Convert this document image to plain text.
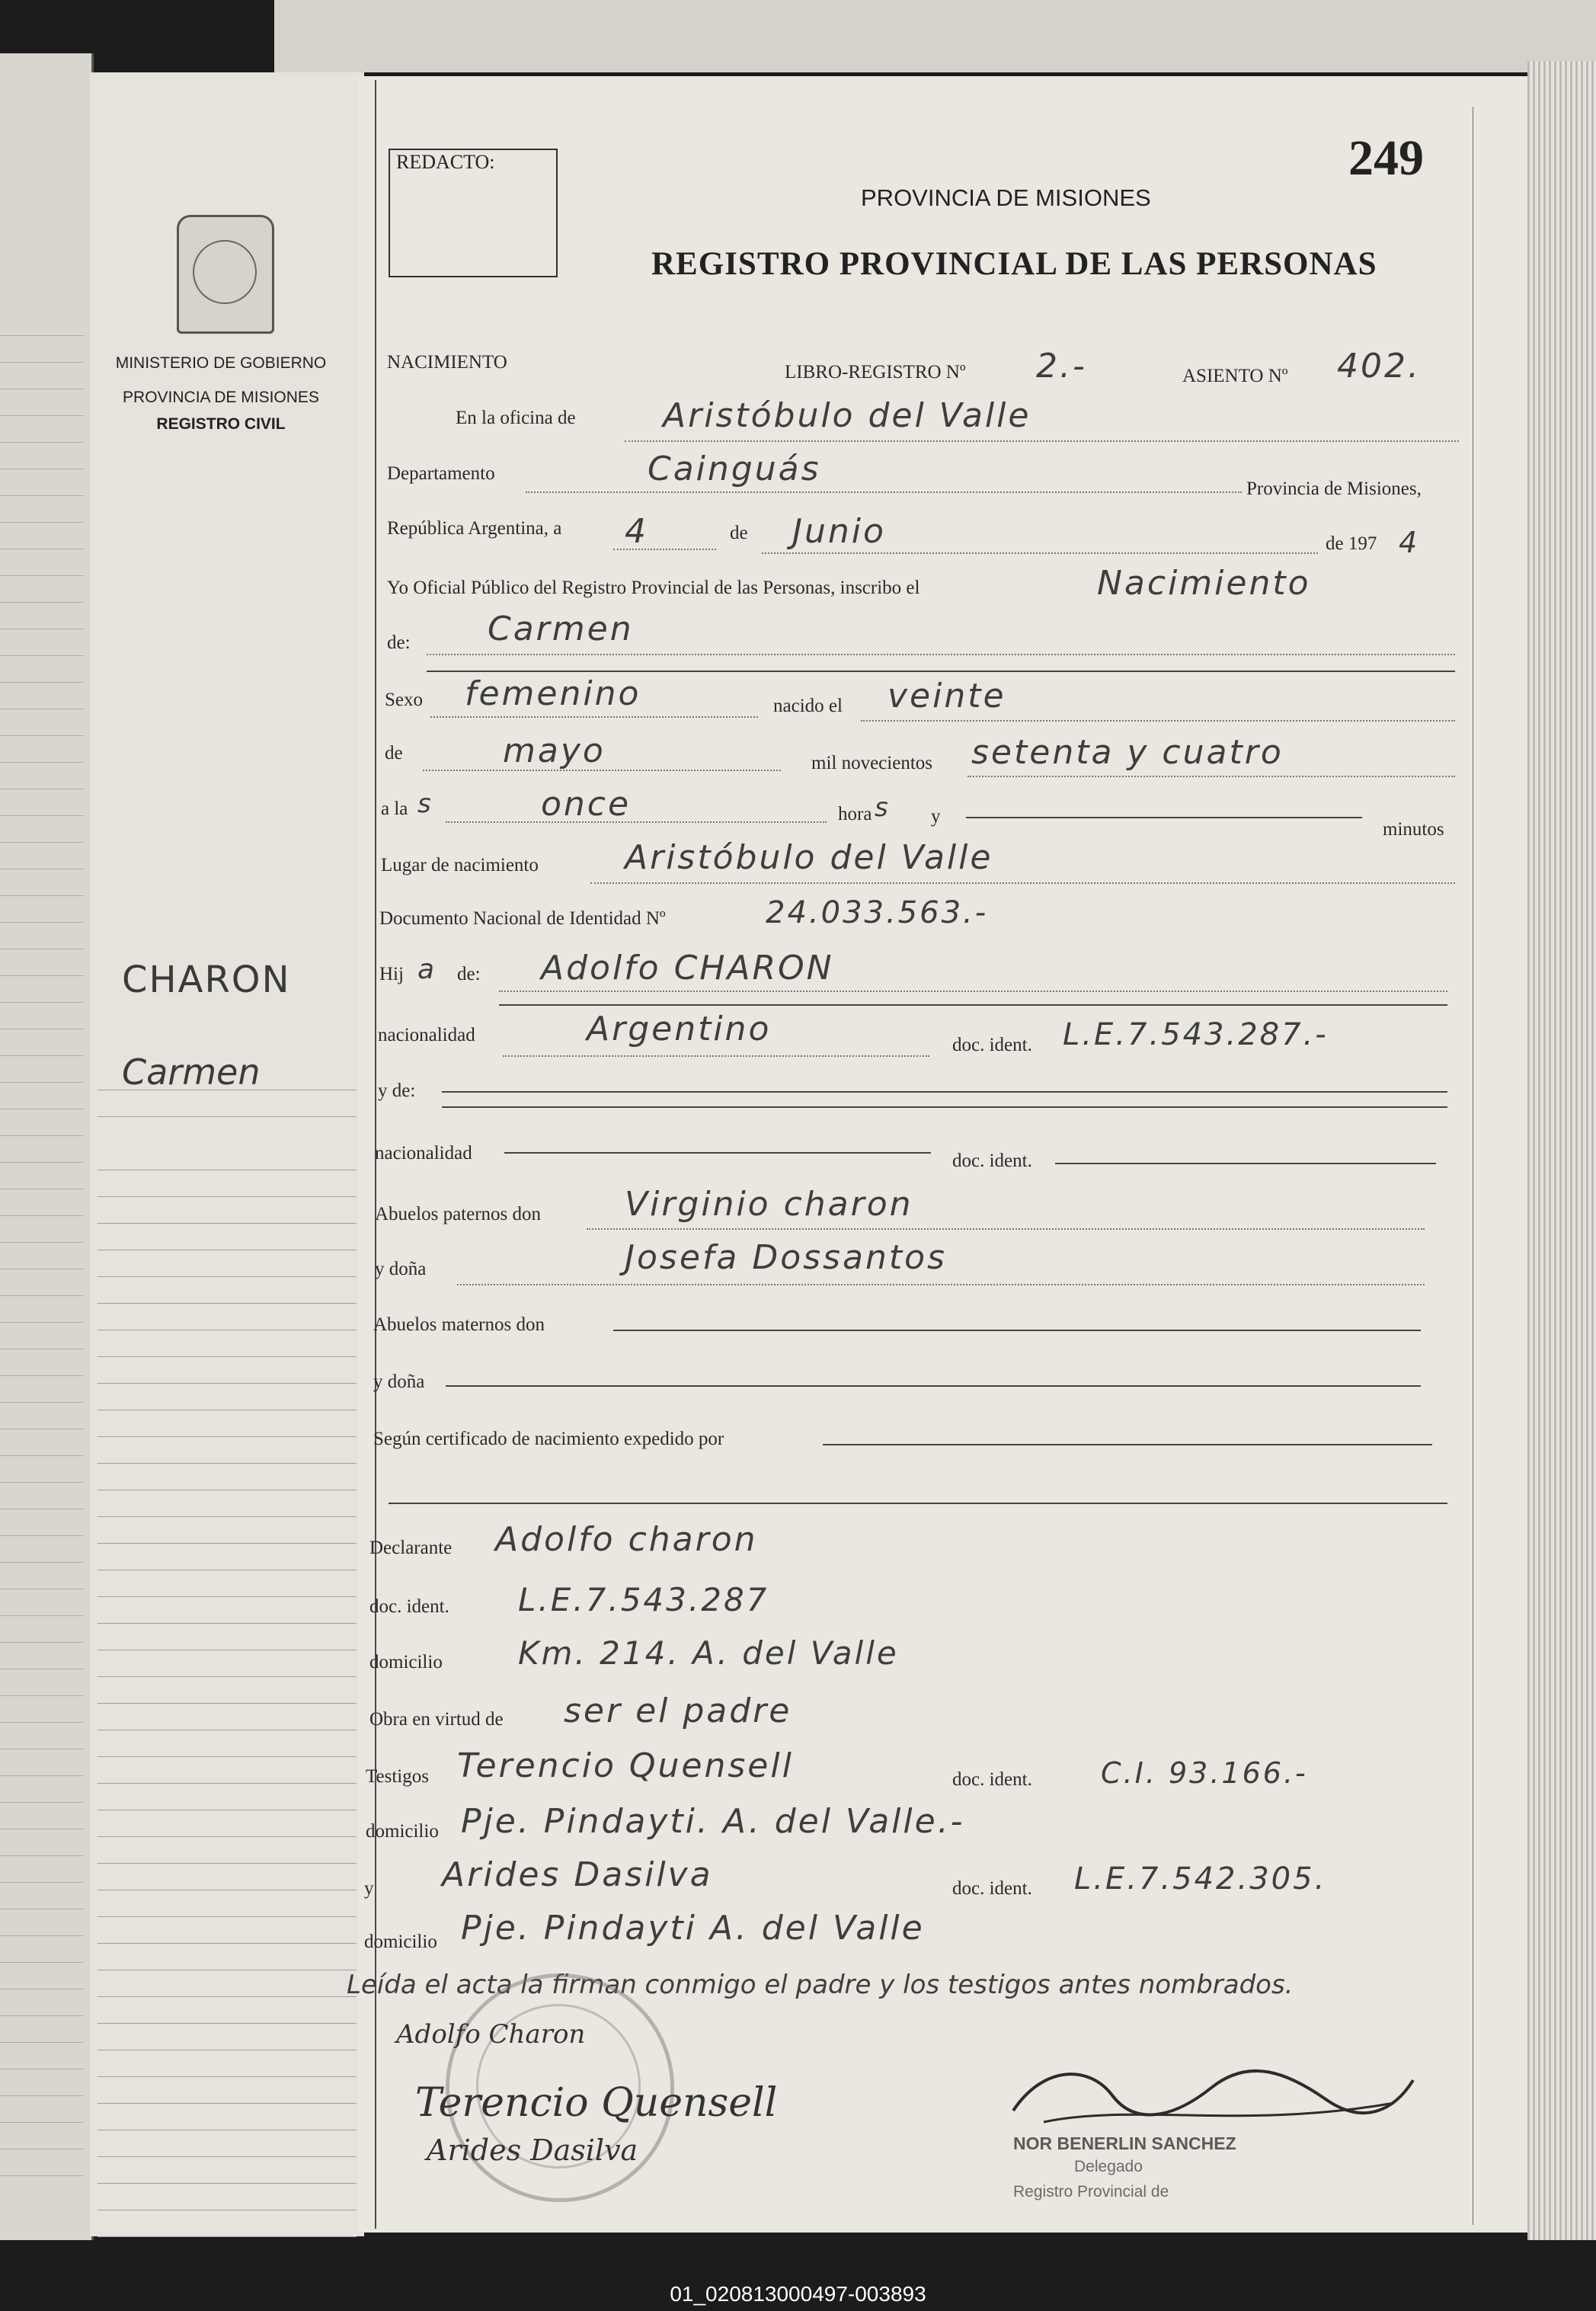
MINISTERIO DE GOBIERNO
PROVINCIA DE MISIONES
REGISTRO CIVIL
CHARON
Carmen
REDACTO:	249
PROVINCIA DE MISIONES
REGISTRO PROVINCIAL DE LAS PERSONAS
NACIMIENTO	LIBRO-REGISTRO Nº 2.-	ASIENTO Nº 402.
En la oficina de	Aristóbulo del Valle
Departamento	Cainguás
Provincia de Misiones,
República Argentina, a 4	de Junio	de 197 4
Yo Oficial Público del Registro Provincial de las Personas, inscribo el	Nacimiento
de: Carmen
Sexo femenino	nacido el veinte
de	mayo	mil novecientos setenta y cuatro
a la s	once	hora s y
minutos
Lugar de nacimiento	Aristóbulo del Valle
Documento Nacional de Identidad Nº	24.033.563.-
Hij a de: Adolfo CHARON
nacionalidad	Argentino	doc. ident. L.E.7.543.287.-
y de:
nacionalidad	doc. ident.
Abuelos paternos don Virginio charon
y doña	Josefa Dossantos
Abuelos maternos don
y doña
Según certificado de nacimiento expedido por
Declarante Adolfo charon
doc. ident. L.E.7.543.287
domicilio Km. 214. A. del Valle
Obra en virtud de ser el padre
Testigos Terencio Quensell	doc. ident. C.I. 93.166.-
domicilio Pje. Pindayti. A. del Valle.-
y Arides Dasilva	doc. ident. L.E.7.542.305.
domicilio Pje. Pindayti A. del Valle
Leída el acta la firman conmigo el padre y los testigos antes nombrados.
Adolfo Charon
Terencio Quensell
Arides Dasilva	NOR BENERLIN SANCHEZ
Delegado
Registro Provincial de
01_020813000497-003893
